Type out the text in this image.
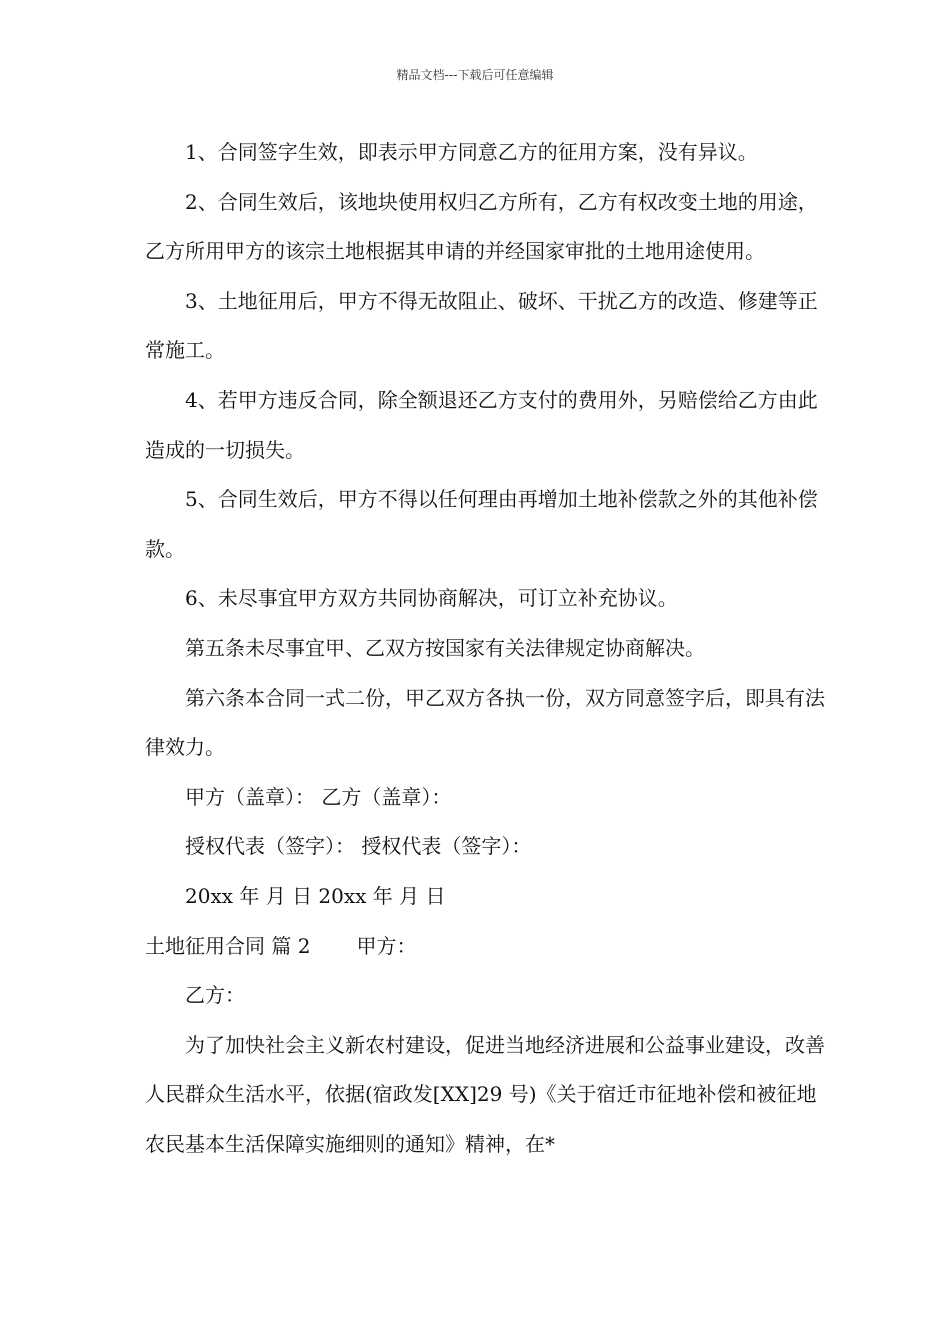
精品文档---下载后可任意编辑

1、合同签字生效，即表示甲方同意乙方的征用方案，没有异议。

2、合同生效后，该地块使用权归乙方所有，乙方有权改变土地的用途，乙方所用甲方的该宗土地根据其申请的并经国家审批的土地用途使用。

3、土地征用后，甲方不得无故阻止、破坏、干扰乙方的改造、修建等正常施工。

4、若甲方违反合同，除全额退还乙方支付的费用外，另赔偿给乙方由此造成的一切损失。

5、合同生效后，甲方不得以任何理由再增加土地补偿款之外的其他补偿款。

6、未尽事宜甲方双方共同协商解决，可订立补充协议。

第五条未尽事宜甲、乙双方按国家有关法律规定协商解决。

第六条本合同一式二份，甲乙双方各执一份，双方同意签字后，即具有法律效力。

甲方（盖章）： 乙方（盖章）：

授权代表（签字）： 授权代表（签字）：

20xx 年 月 日 20xx 年 月 日

土地征用合同 篇 2 甲方：

乙方：

为了加快社会主义新农村建设，促进当地经济进展和公益事业建设，改善人民群众生活水平，依据(宿政发[XX]29 号)《关于宿迁市征地补偿和被征地农民基本生活保障实施细则的通知》精神，在*
